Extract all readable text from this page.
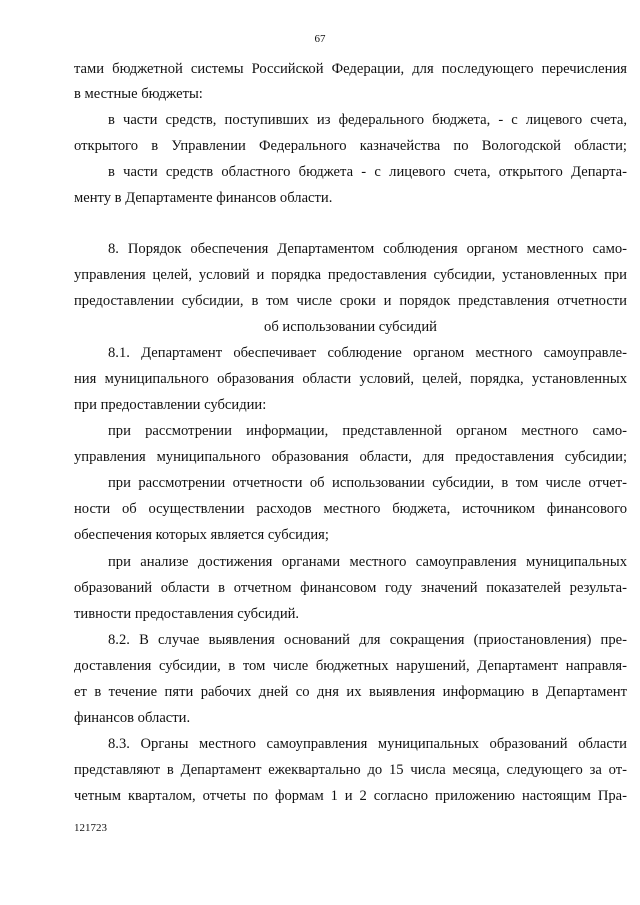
67
тами бюджетной системы Российской Федерации, для последующего перечисления
в местные бюджеты:
в части средств, поступивших из федерального бюджета, - с лицевого счета,
открытого в Управлении Федерального казначейства по Вологодской области;
в части средств областного бюджета - с лицевого счета, открытого Департа-
менту в Департаменте финансов области.
8. Порядок обеспечения Департаментом соблюдения органом местного само-
управления целей, условий и порядка предоставления субсидии, установленных при
предоставлении субсидии, в том числе сроки и порядок представления отчетности
об использовании субсидий
8.1. Департамент обеспечивает соблюдение органом местного самоуправле-
ния муниципального образования области условий, целей, порядка, установленных
при предоставлении субсидии:
при рассмотрении информации, представленной органом местного само-
управления муниципального образования области, для предоставления субсидии;
при рассмотрении отчетности об использовании субсидии, в том числе отчет-
ности об осуществлении расходов местного бюджета, источником финансового
обеспечения которых является субсидия;
при анализе достижения органами местного самоуправления муниципальных
образований области в отчетном финансовом году значений показателей результа-
тивности предоставления субсидий.
8.2. В случае выявления оснований для сокращения (приостановления) пре-
доставления субсидии, в том числе бюджетных нарушений, Департамент направля-
ет в течение пяти рабочих дней со дня их выявления информацию в Департамент
финансов области.
8.3. Органы местного самоуправления муниципальных образований области
представляют в Департамент ежеквартально до 15 числа месяца, следующего за от-
четным кварталом, отчеты по формам 1 и 2 согласно приложению настоящим Пра-
121723
